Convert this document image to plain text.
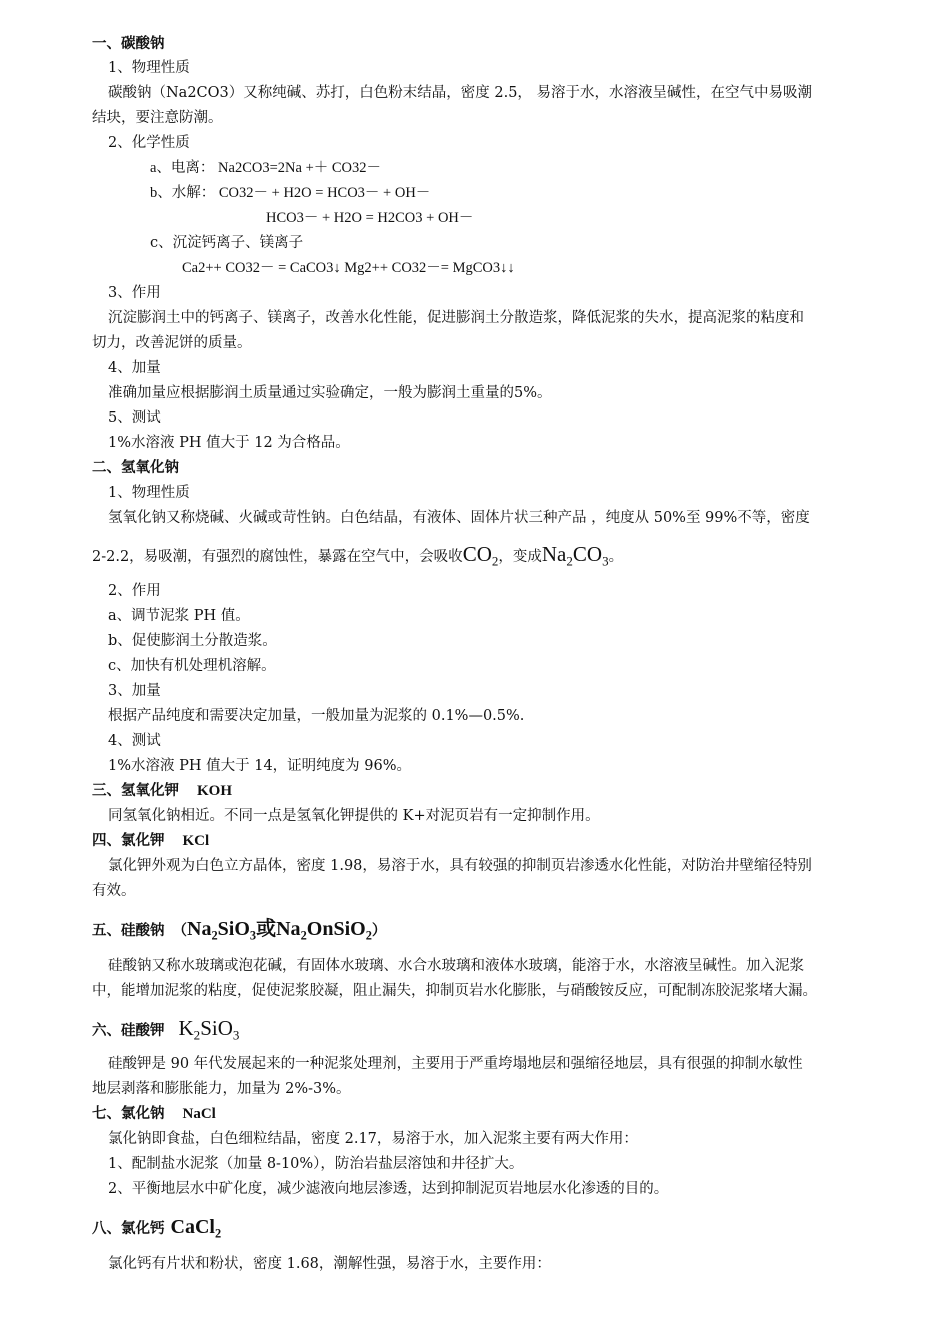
一、碳酸钠
1、物理性质
碳酸钠（Na2CO3）又称纯碱、苏打，白色粉末结晶，密度 2.5， 易溶于水，水溶液呈碱性，在空气中易吸潮
结块，要注意防潮。
2、化学性质
a、电离： Na2CO3=2Na +＋ CO32－
b、水解： CO32－ + H2O = HCO3－ + OH－
HCO3－ + H2O = H2CO3 + OH－
c、沉淀钙离子、镁离子
Ca2++ CO32－ = CaCO3↓ Mg2++ CO32－= MgCO3↓↓
3、作用
沉淀膨润土中的钙离子、镁离子，改善水化性能，促进膨润土分散造浆，降低泥浆的失水，提高泥浆的粘度和
切力，改善泥饼的质量。
4、加量
准确加量应根据膨润土质量通过实验确定，一般为膨润土重量的5%。
5、测试
1%水溶液 PH 值大于 12 为合格品。
二、氢氧化钠
1、物理性质
氢氧化钠又称烧碱、火碱或苛性钠。白色结晶，有液体、固体片状三种产品 ，纯度从 50%至 99%不等，密度
2-2.2，易吸潮，有强烈的腐蚀性，暴露在空气中，会吸收$CO_2$，变成$Na_2CO_3$。
2、作用
a、调节泥浆 PH 值。
b、促使膨润土分散造浆。
c、加快有机处理机溶解。
3、加量
根据产品纯度和需要决定加量，一般加量为泥浆的 0.1%—0.5%.
4、测试
1%水溶液 PH 值大于 14，证明纯度为 96%。
三、氢氧化钾 KOH
同氢氧化钠相近。不同一点是氢氧化钾提供的 K+对泥页岩有一定抑制作用。
四、氯化钾 KCl
氯化钾外观为白色立方晶体，密度 1.98，易溶于水，具有较强的抑制页岩渗透水化性能，对防治井壁缩径特别
有效。
五、硅酸钠 （$Na_2SiO_3$或$Na_2OnSiO_2$）
硅酸钠又称水玻璃或泡花碱，有固体水玻璃、水合水玻璃和液体水玻璃，能溶于水，水溶液呈碱性。加入泥浆
中，能增加泥浆的粘度，促使泥浆胶凝，阻止漏失，抑制页岩水化膨胀，与硝酸铵反应，可配制冻胶泥浆堵大漏。
六、硅酸钾 $K_2SiO_3$
硅酸钾是 90 年代发展起来的一种泥浆处理剂，主要用于严重垮塌地层和强缩径地层，具有很强的抑制水敏性
地层剥落和膨胀能力，加量为 2%-3%。
七、氯化钠 NaCl
氯化钠即食盐，白色细粒结晶，密度 2.17，易溶于水，加入泥浆主要有两大作用：
1、配制盐水泥浆（加量 8-10%），防治岩盐层溶蚀和井径扩大。
2、平衡地层水中矿化度，减少滤液向地层渗透，达到抑制泥页岩地层水化渗透的目的。
八、氯化钙 CaCl$_2$
氯化钙有片状和粉状，密度 1.68，潮解性强，易溶于水，主要作用：
